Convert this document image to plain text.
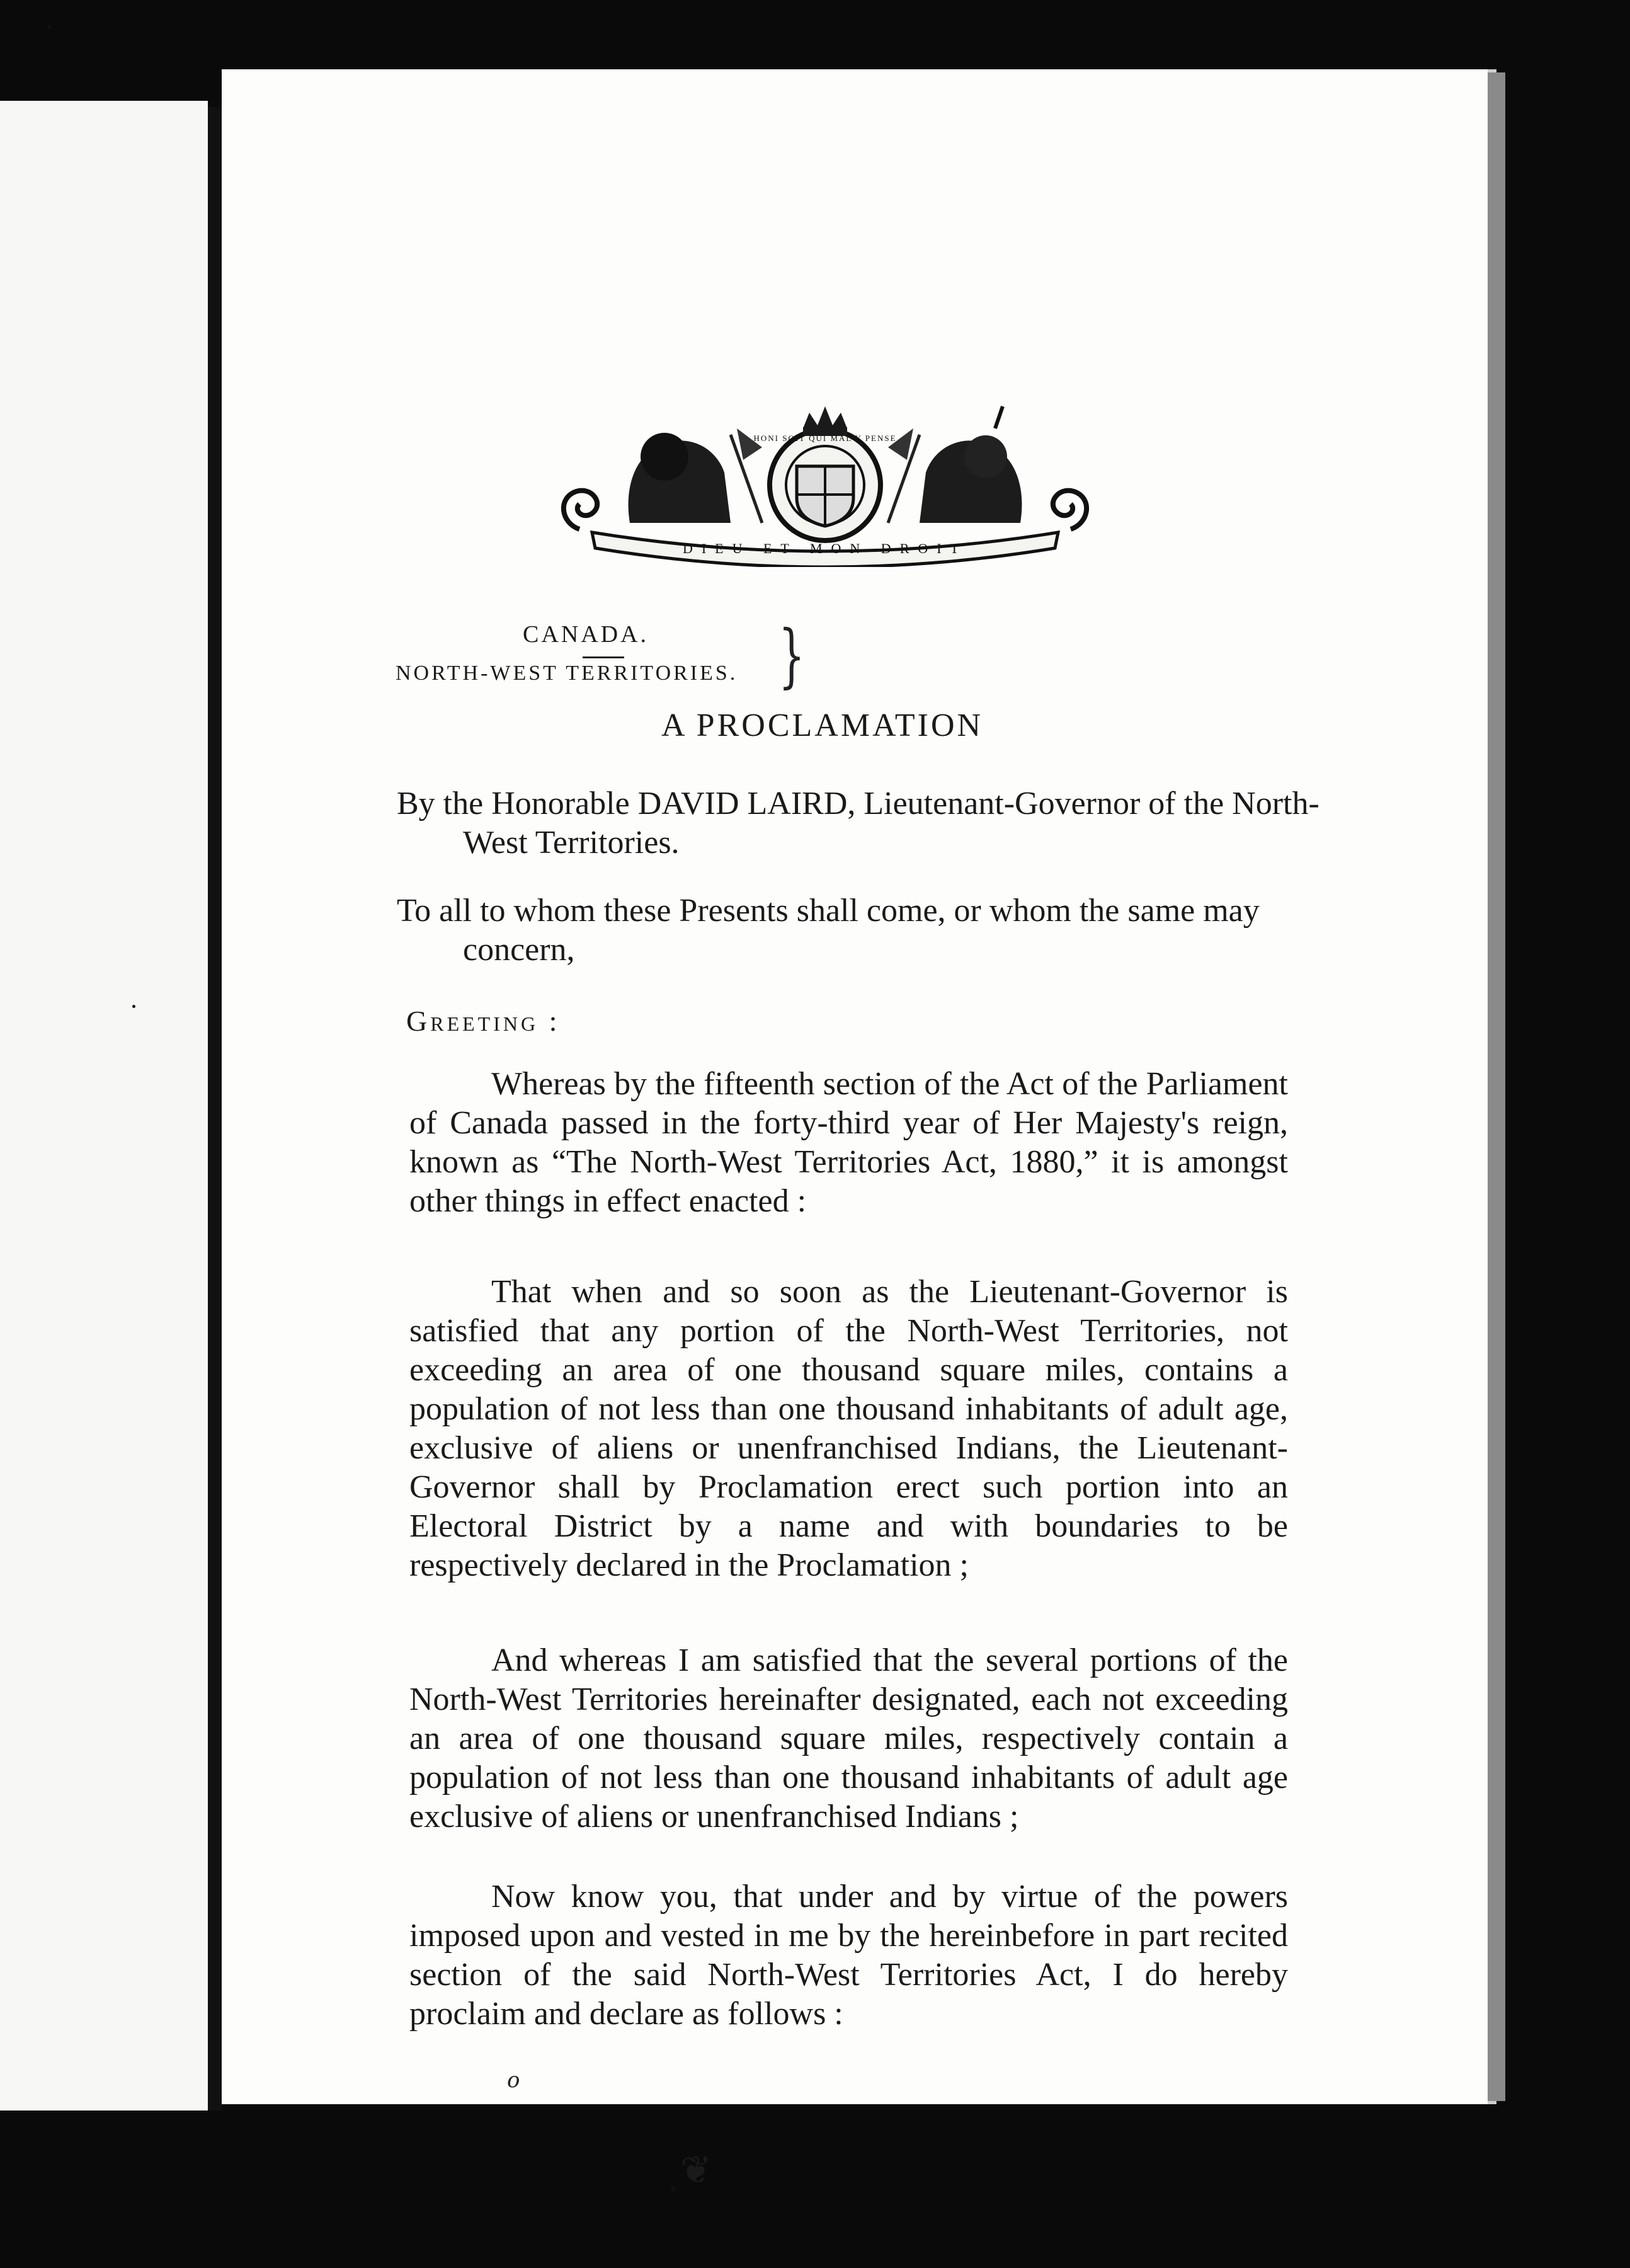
DIEU ET MON DROIT
HONI SOIT QUI MAL Y PENSE
CANADA.
NORTH-WEST TERRITORIES. }
A PROCLAMATION
By the Honorable DAVID LAIRD, Lieutenant-Governor of the North-West Territories.
To all to whom these Presents shall come, or whom the same may concern,
Greeting :
Whereas by the fifteenth section of the Act of the Parliament of Canada passed in the forty-third year of Her Majesty's reign, known as “The North-West Territories Act, 1880,” it is amongst other things in effect enacted :
That when and so soon as the Lieutenant-Governor is satisfied that any portion of the North-West Territories, not exceeding an area of one thousand square miles, contains a population of not less than one thousand inhabitants of adult age, exclusive of aliens or unenfranchised Indians, the Lieutenant-Governor shall by Proclamation erect such portion into an Electoral District by a name and with boundaries to be respectively declared in the Proclamation ;
And whereas I am satisfied that the several portions of the North-West Territories hereinafter designated, each not exceeding an area of one thousand square miles, respectively contain a population of not less than one thousand inhabitants of adult age exclusive of aliens or unenfranchised Indians ;
Now know you, that under and by virtue of the powers imposed upon and vested in me by the hereinbefore in part recited section of the said North-West Territories Act, I do hereby proclaim and declare as follows :
o
❦
